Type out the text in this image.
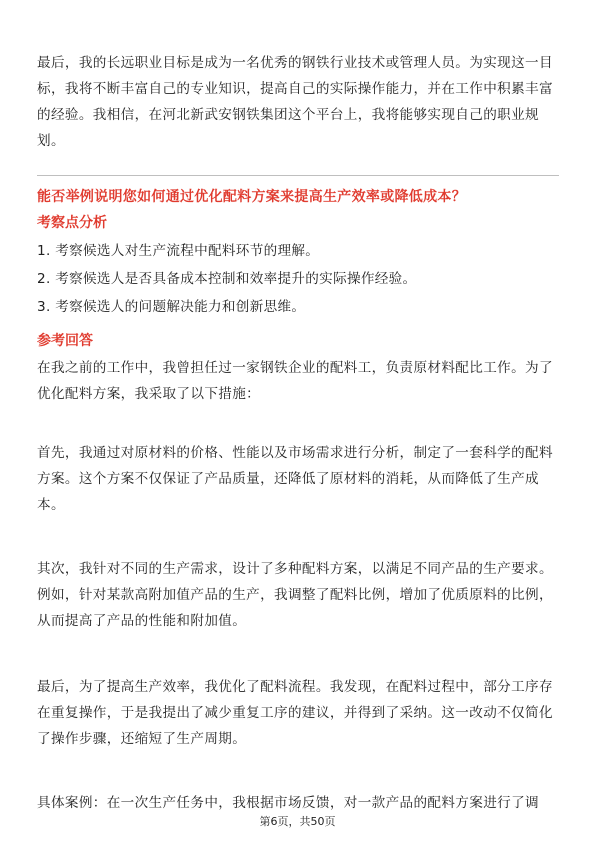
最后，我的长远职业目标是成为一名优秀的钢铁行业技术或管理人员。为实现这一目标，我将不断丰富自己的专业知识，提高自己的实际操作能力，并在工作中积累丰富的经验。我相信，在河北新武安钢铁集团这个平台上，我将能够实现自己的职业规划。

能否举例说明您如何通过优化配料方案来提高生产效率或降低成本？

考察点分析

1. 考察候选人对生产流程中配料环节的理解。

2. 考察候选人是否具备成本控制和效率提升的实际操作经验。

3. 考察候选人的问题解决能力和创新思维。

参考回答

在我之前的工作中，我曾担任过一家钢铁企业的配料工，负责原材料配比工作。为了优化配料方案，我采取了以下措施：

首先，我通过对原材料的价格、性能以及市场需求进行分析，制定了一套科学的配料方案。这个方案不仅保证了产品质量，还降低了原材料的消耗，从而降低了生产成本。

其次，我针对不同的生产需求，设计了多种配料方案，以满足不同产品的生产要求。例如，针对某款高附加值产品的生产，我调整了配料比例，增加了优质原料的比例，从而提高了产品的性能和附加值。

最后，为了提高生产效率，我优化了配料流程。我发现，在配料过程中，部分工序存在重复操作，于是我提出了减少重复工序的建议，并得到了采纳。这一改动不仅简化了操作步骤，还缩短了生产周期。

具体案例：在一次生产任务中，我根据市场反馈，对一款产品的配料方案进行了调

第6页，共50页
